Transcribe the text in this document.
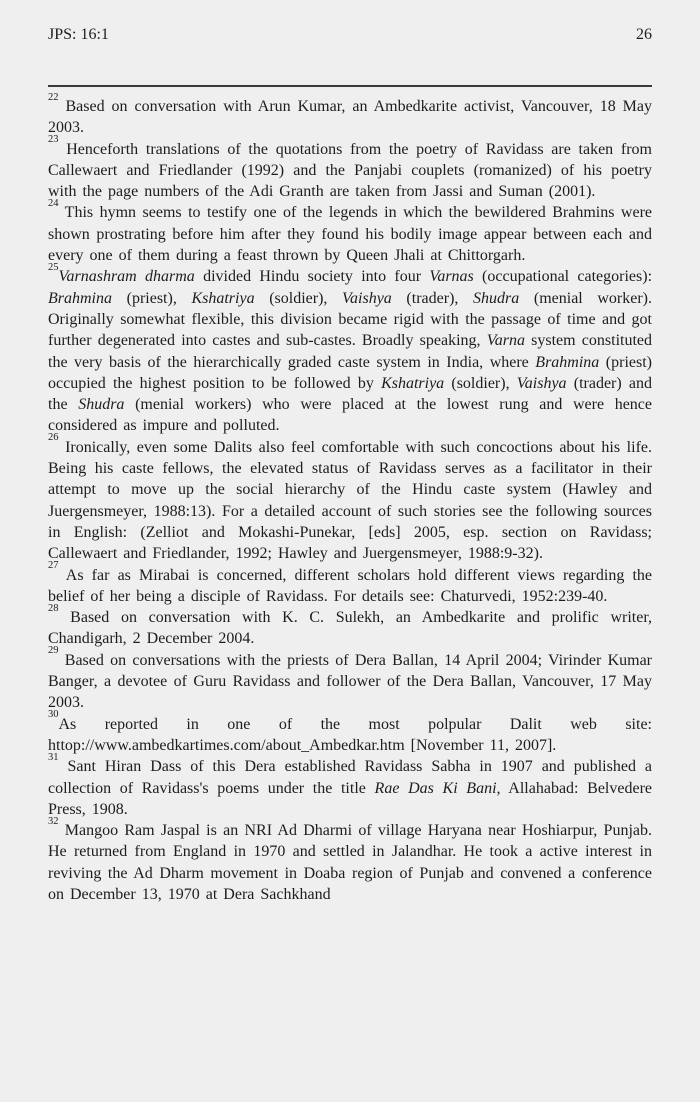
JPS: 16:1	26

$^{22}$ Based on conversation with Arun Kumar, an Ambedkarite activist, Vancouver, 18 May 2003.

$^{23}$ Henceforth translations of the quotations from the poetry of Ravidass are taken from Callewaert and Friedlander (1992) and the Panjabi couplets (romanized) of his poetry with the page numbers of the Adi Granth are taken from Jassi and Suman (2001).

$^{24}$ This hymn seems to testify one of the legends in which the bewildered Brahmins were shown prostrating before him after they found his bodily image appear between each and every one of them during a feast thrown by Queen Jhali at Chittorgarh.

$^{25}$Varnashram dharma divided Hindu society into four Varnas (occupational categories): Brahmina (priest), Kshatriya (soldier), Vaishya (trader), Shudra (menial worker). Originally somewhat flexible, this division became rigid with the passage of time and got further degenerated into castes and sub-castes. Broadly speaking, Varna system constituted the very basis of the hierarchically graded caste system in India, where Brahmina (priest) occupied the highest position to be followed by Kshatriya (soldier), Vaishya (trader) and the Shudra (menial workers) who were placed at the lowest rung and were hence considered as impure and polluted.

$^{26}$ Ironically, even some Dalits also feel comfortable with such concoctions about his life. Being his caste fellows, the elevated status of Ravidass serves as a facilitator in their attempt to move up the social hierarchy of the Hindu caste system (Hawley and Juergensmeyer, 1988:13). For a detailed account of such stories see the following sources in English: (Zelliot and Mokashi-Punekar, [eds] 2005, esp. section on Ravidass; Callewaert and Friedlander, 1992; Hawley and Juergensmeyer, 1988:9-32).

$^{27}$ As far as Mirabai is concerned, different scholars hold different views regarding the belief of her being a disciple of Ravidass. For details see: Chaturvedi, 1952:239-40.

$^{28}$ Based on conversation with K. C. Sulekh, an Ambedkarite and prolific writer, Chandigarh, 2 December 2004.

$^{29}$ Based on conversations with the priests of Dera Ballan, 14 April 2004; Virinder Kumar Banger, a devotee of Guru Ravidass and follower of the Dera Ballan, Vancouver, 17 May 2003.

$^{30}$As reported in one of the most polpular Dalit web site: httop://www.ambedkartimes.com/about_Ambedkar.htm [November 11, 2007].

$^{31}$ Sant Hiran Dass of this Dera established Ravidass Sabha in 1907 and published a collection of Ravidass's poems under the title Rae Das Ki Bani, Allahabad: Belvedere Press, 1908.

$^{32}$ Mangoo Ram Jaspal is an NRI Ad Dharmi of village Haryana near Hoshiarpur, Punjab. He returned from England in 1970 and settled in Jalandhar. He took a active interest in reviving the Ad Dharm movement in Doaba region of Punjab and convened a conference on December 13, 1970 at Dera Sachkhand
